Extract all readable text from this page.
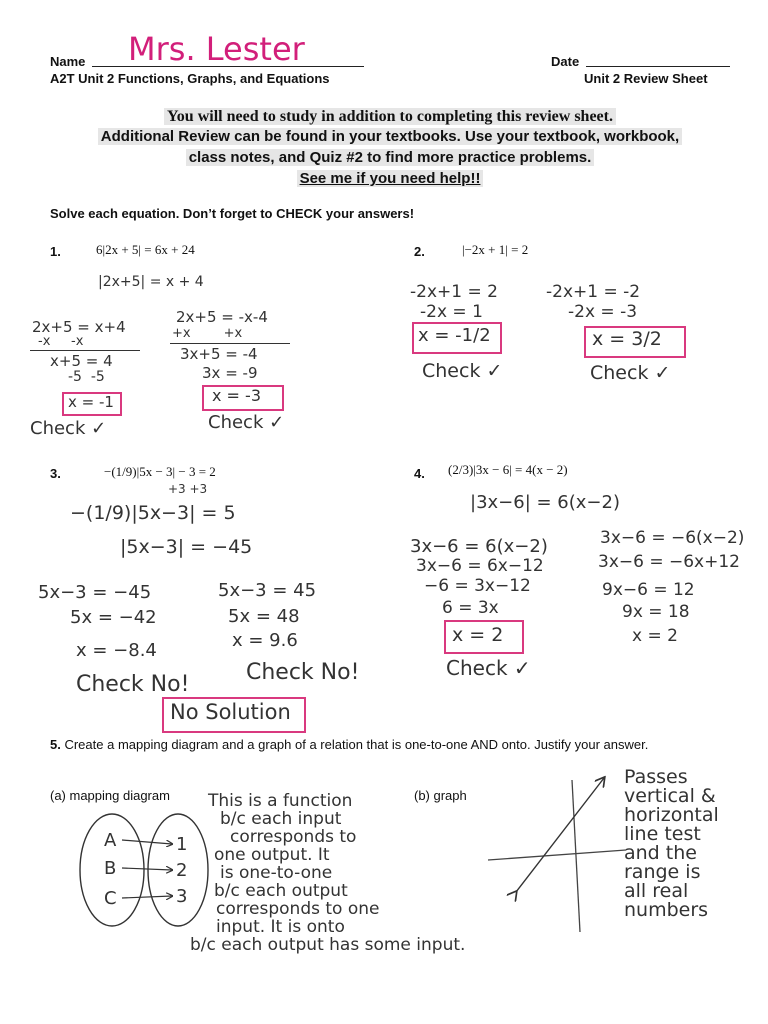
Name Mrs. Lester	Date
A2T Unit 2 Functions, Graphs, and Equations	Unit 2 Review Sheet
You will need to study in addition to completing this review sheet.
Additional Review can be found in your textbooks. Use your textbook, workbook,
class notes, and Quiz #2 to find more practice problems.
See me if you need help!!
Solve each equation. Don’t forget to CHECK your answers!
1.	6|2x + 5| = 6x + 24
|2x+5| = x + 4
2x+5 = x+4
-x     -x
x+5 = 4
-5  -5
x = -1
Check ✓
2x+5 = -x-4
+x        +x
3x+5 = -4
3x = -9
x = -3
Check ✓
2.	|−2x + 1| = 2
-2x+1 = 2
-2x = 1
x = -1/2
Check ✓
-2x+1 = -2
-2x = -3
x = 3/2
Check ✓
3.	−(1/9)|5x − 3| − 3 = 2
+3 +3
−(1/9)|5x−3| = 5
|5x−3| = −45
5x−3 = −45
5x = −42
x = −8.4
Check No!
5x−3 = 45
5x = 48
x = 9.6
Check No!
No Solution
4. (2/3)|3x − 6| = 4(x − 2)
|3x−6| = 6(x−2)
3x−6 = 6(x−2)
3x−6 = 6x−12
−6 = 3x−12
6 = 3x
x = 2
Check ✓
3x−6 = −6(x−2)
3x−6 = −6x+12
9x−6 = 12
9x = 18
x = 2
5. Create a mapping diagram and a graph of a relation that is one-to-one AND onto. Justify your answer.
(a) mapping diagram	(b) graph
A
B
C
1
2
3
This is a function
b/c each input
corresponds to
one output. It
is one-to-one
b/c each output
corresponds to one
input. It is onto
b/c each output has some input.
Passes
vertical &
horizontal
line test
and the
range is
all real
numbers
